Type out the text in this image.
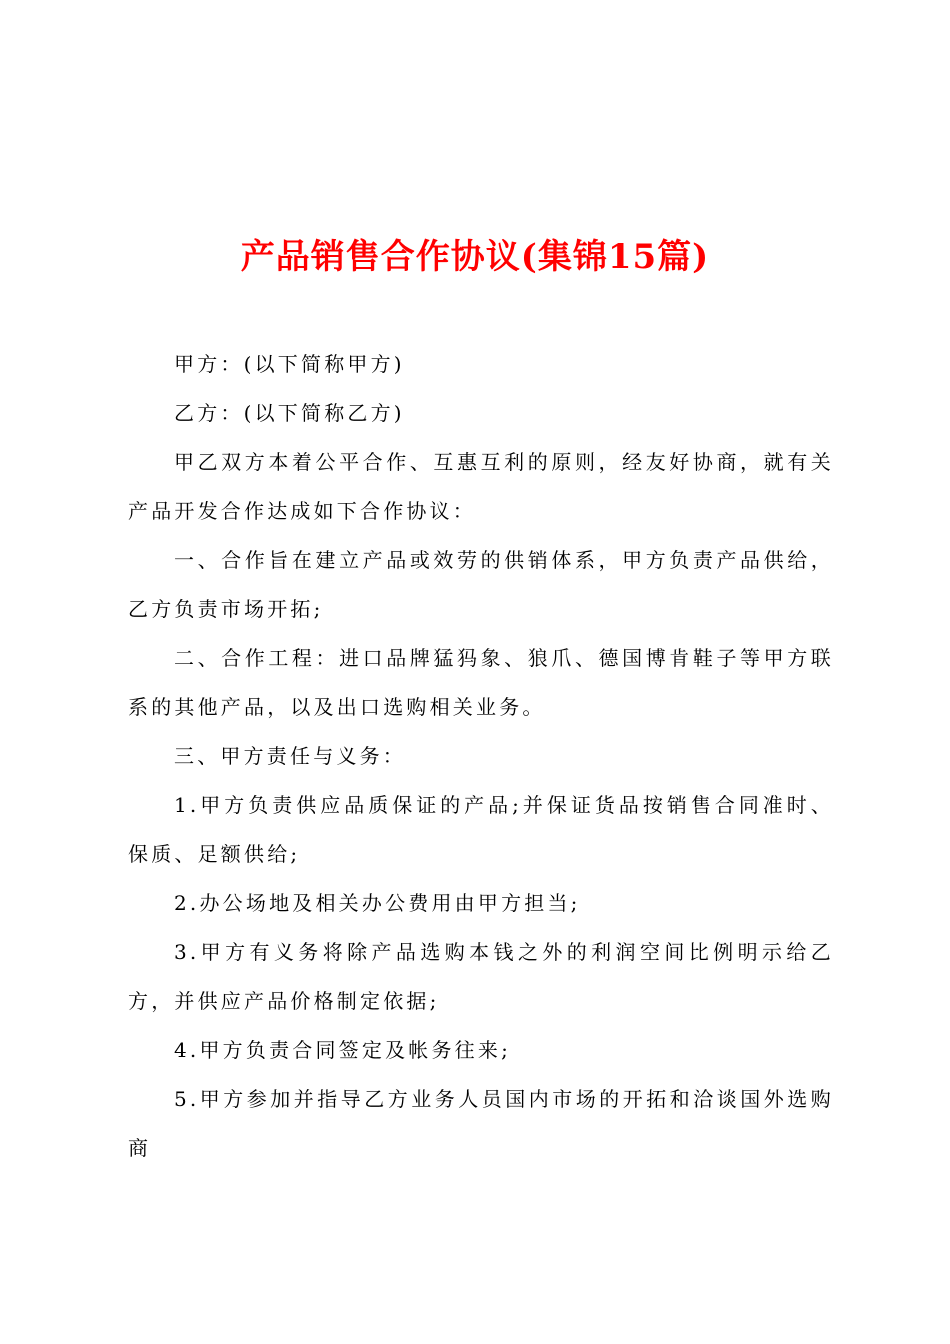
产品销售合作协议(集锦15篇)

甲方：(以下简称甲方)

乙方：(以下简称乙方)

甲乙双方本着公平合作、互惠互利的原则，经友好协商，就有关产品开发合作达成如下合作协议：

一、合作旨在建立产品或效劳的供销体系，甲方负责产品供给，乙方负责市场开拓;

二、合作工程：进口品牌猛犸象、狼爪、德国博肯鞋子等甲方联系的其他产品，以及出口选购相关业务。

三、甲方责任与义务：

1.甲方负责供应品质保证的产品;并保证货品按销售合同准时、保质、足额供给;

2.办公场地及相关办公费用由甲方担当;

3.甲方有义务将除产品选购本钱之外的利润空间比例明示给乙方，并供应产品价格制定依据;

4.甲方负责合同签定及帐务往来;

5.甲方参加并指导乙方业务人员国内市场的开拓和洽谈国外选购商
